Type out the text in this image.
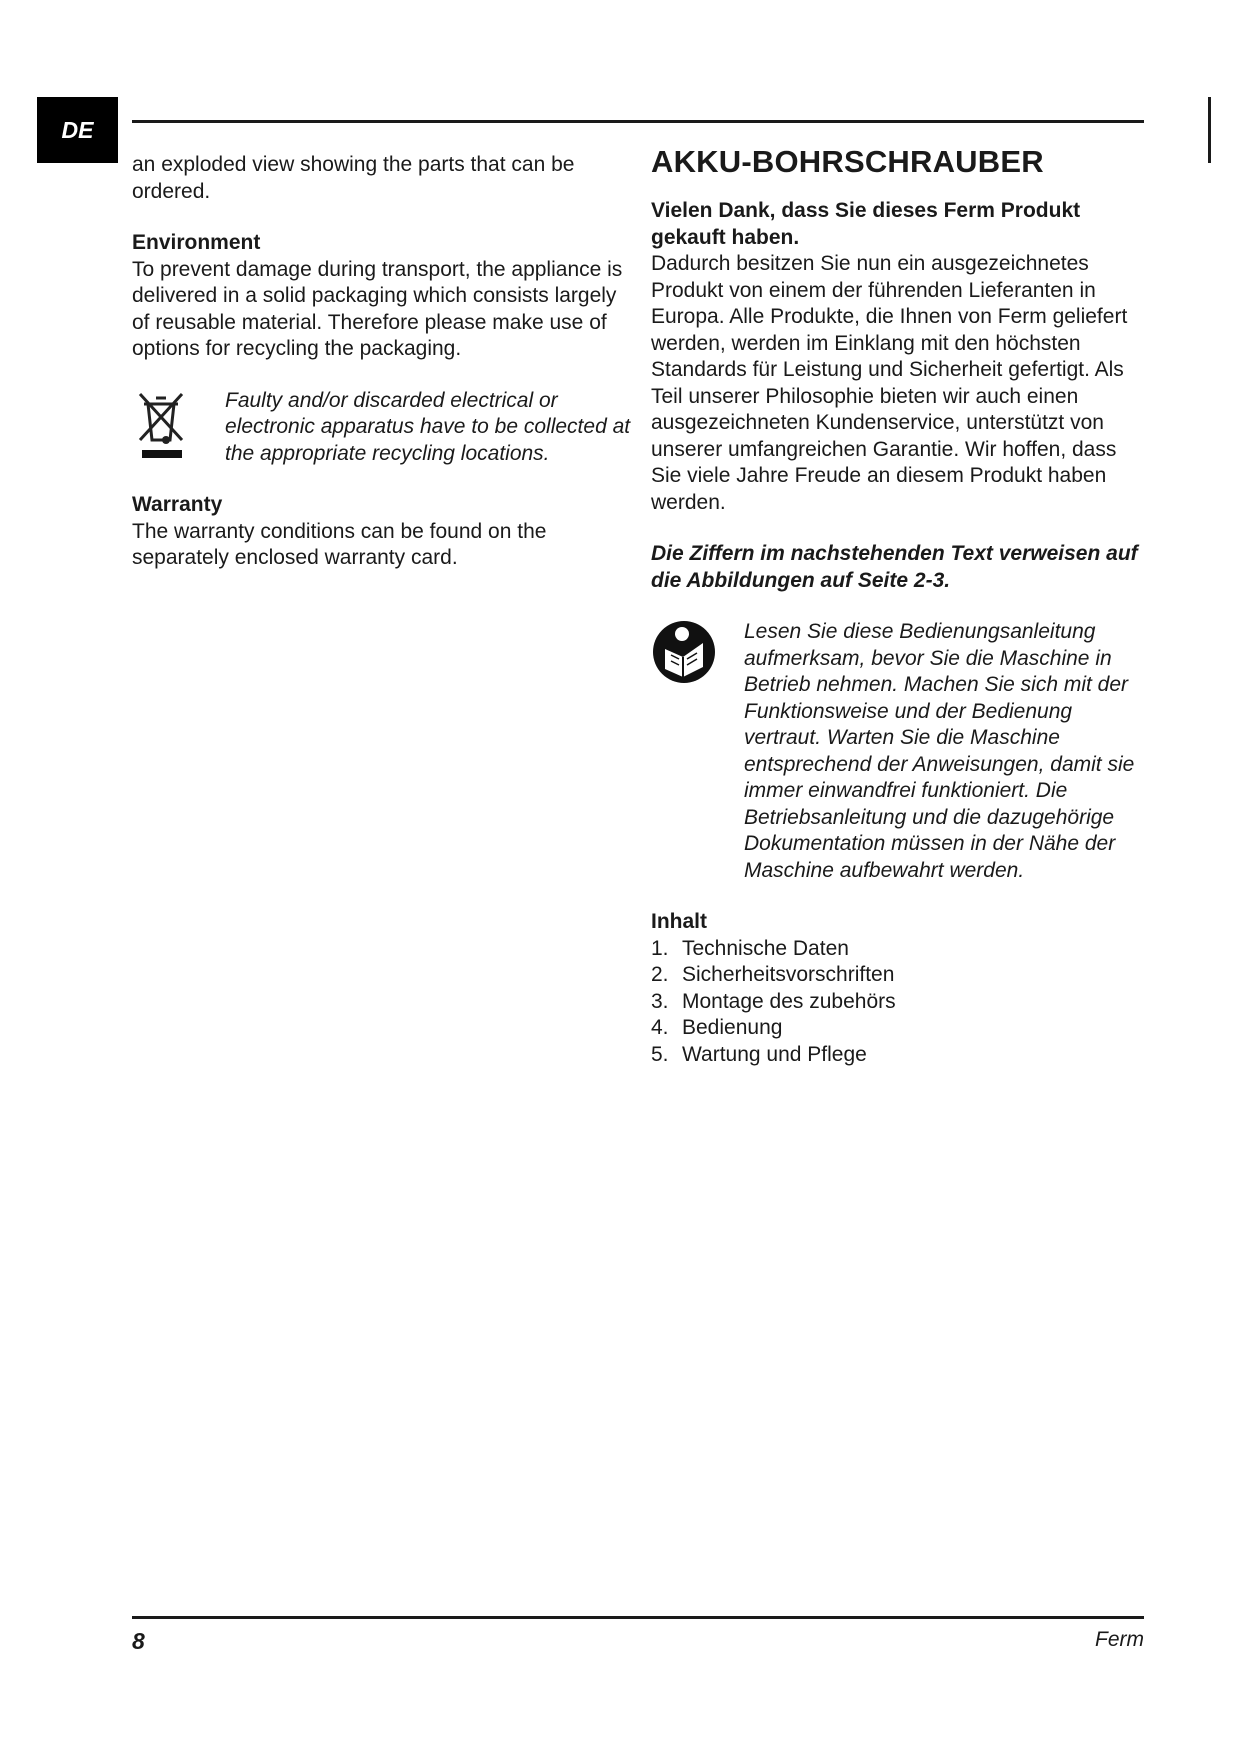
DE

an exploded view showing the parts that can be ordered.

Environment

To prevent damage during transport, the appliance is delivered in a solid packaging which consists largely of reusable material. Therefore please make use of options for recycling the packaging.

Faulty and/or discarded electrical or electronic apparatus have to be collected at the appropriate recycling locations.

Warranty

The warranty conditions can be found on the separately enclosed warranty card.

AKKU-BOHRSCHRAUBER

Vielen Dank, dass Sie dieses Ferm Produkt gekauft haben.

Dadurch besitzen Sie nun ein ausgezeichnetes Produkt von einem der führenden Lieferanten in Europa. Alle Produkte, die Ihnen von Ferm geliefert werden, werden im Einklang mit den höchsten Standards für Leistung und Sicherheit gefertigt. Als Teil unserer Philosophie bieten wir auch einen ausgezeichneten Kundenservice, unterstützt von unserer umfangreichen Garantie. Wir hoffen, dass Sie viele Jahre Freude an diesem Produkt haben werden.

Die Ziffern im nachstehenden Text verweisen auf die Abbildungen auf Seite 2-3.

Lesen Sie diese Bedienungsanleitung aufmerksam, bevor Sie die Maschine in Betrieb nehmen. Machen Sie sich mit der Funktionsweise und der Bedienung vertraut. Warten Sie die Maschine entsprechend der Anweisungen, damit sie immer einwandfrei funktioniert. Die Betriebsanleitung und die dazugehörige Dokumentation müssen in der Nähe der Maschine aufbewahrt werden.

Inhalt

1. Technische Daten
2. Sicherheitsvorschriften
3. Montage des zubehörs
4. Bedienung
5. Wartung und Pflege
8	Ferm
